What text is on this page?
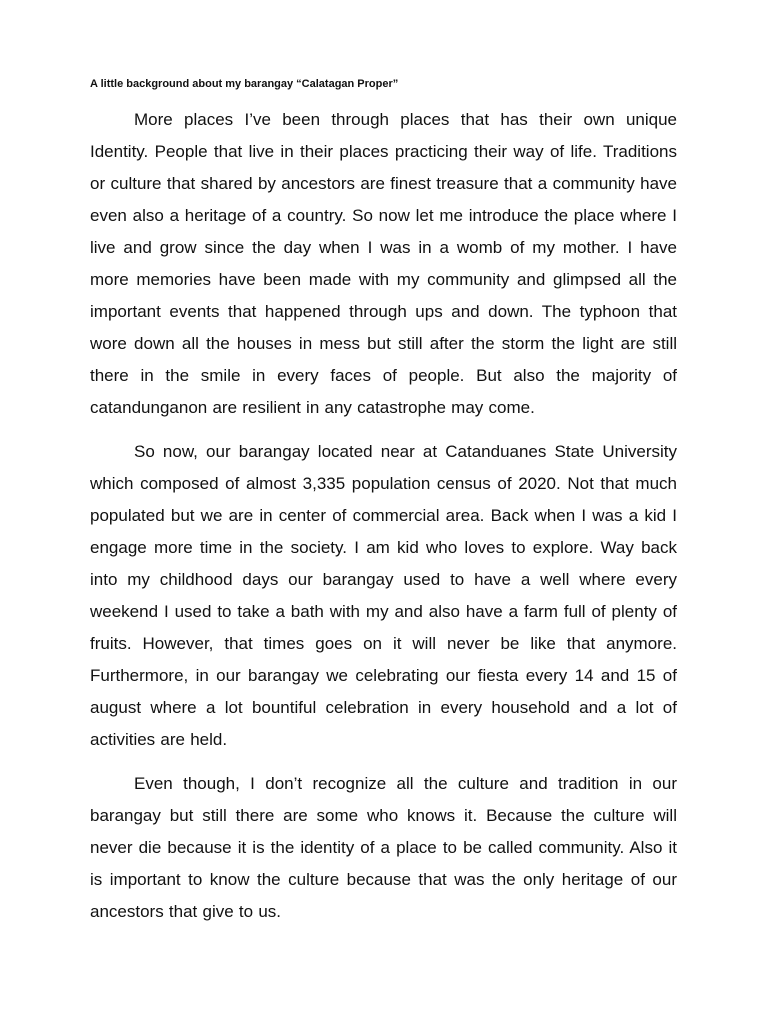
A little background about my barangay “Calatagan Proper”

More places I’ve been through places that has their own unique Identity. People that live in their places practicing their way of life. Traditions or culture that shared by ancestors are finest treasure that a community have even also a heritage of a country. So now let me introduce the place where I live and grow since the day when I was in a womb of my mother. I have more memories have been made with my community and glimpsed all the important events that happened through ups and down. The typhoon that wore down all the houses in mess but still after the storm the light are still there in the smile in every faces of people. But also the majority of catandunganon are resilient in any catastrophe may come.

So now, our barangay located near at Catanduanes State University which composed of almost 3,335 population census of 2020. Not that much populated but we are in center of commercial area. Back when I was a kid I engage more time in the society. I am kid who loves to explore. Way back into my childhood days our barangay used to have a well where every weekend I used to take a bath with my and also have a farm full of plenty of fruits. However, that times goes on it will never be like that anymore. Furthermore, in our barangay we celebrating our fiesta every 14 and 15 of august where a lot bountiful celebration in every household and a lot of activities are held.

Even though, I don’t recognize all the culture and tradition in our barangay but still there are some who knows it. Because the culture will never die because it is the identity of a place to be called community. Also it is important to know the culture because that was the only heritage of our ancestors that give to us.
